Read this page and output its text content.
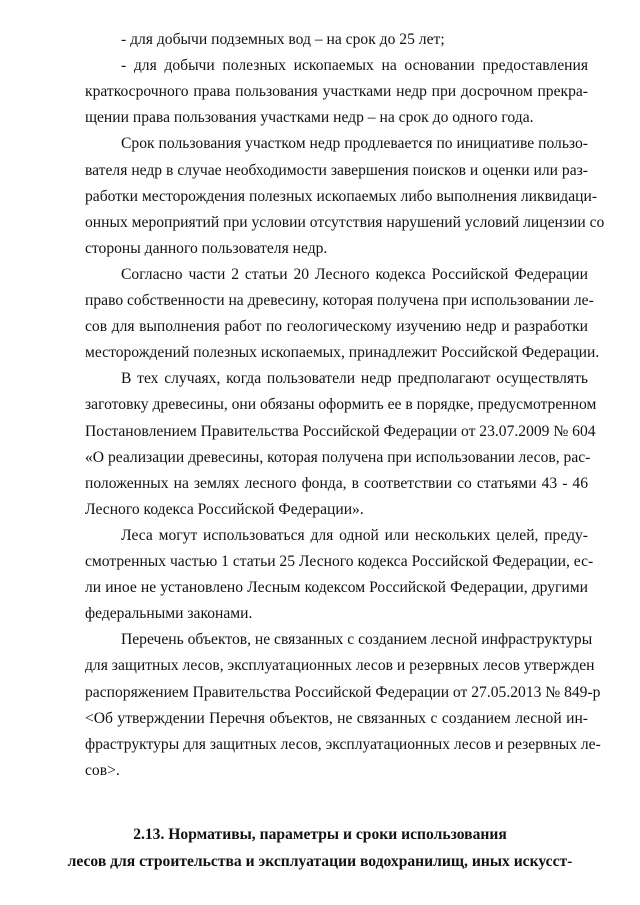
- для добычи подземных вод – на срок до 25 лет;
- для добычи полезных ископаемых на основании предоставления
краткосрочного права пользования участками недр при досрочном прекра-
щении права пользования участками недр – на срок до одного года.
Срок пользования участком недр продлевается по инициативе пользо-
вателя недр в случае необходимости завершения поисков и оценки или раз-
работки месторождения полезных ископаемых либо выполнения ликвидаци-
онных мероприятий при условии отсутствия нарушений условий лицензии со
стороны данного пользователя недр.
Согласно части 2 статьи 20 Лесного кодекса Российской Федерации
право собственности на древесину, которая получена при использовании ле-
сов для выполнения работ по геологическому изучению недр и разработки
месторождений полезных ископаемых, принадлежит Российской Федерации.
В тех случаях, когда пользователи недр предполагают осуществлять
заготовку древесины, они обязаны оформить ее в порядке, предусмотренном
Постановлением Правительства Российской Федерации от 23.07.2009 № 604
«О реализации древесины, которая получена при использовании лесов, рас-
положенных на землях лесного фонда, в соответствии со статьями 43 - 46
Лесного кодекса Российской Федерации».
Леса могут использоваться для одной или нескольких целей, преду-
смотренных частью 1 статьи 25 Лесного кодекса Российской Федерации, ес-
ли иное не установлено Лесным кодексом Российской Федерации, другими
федеральными законами.
Перечень объектов, не связанных с созданием лесной инфраструктуры
для защитных лесов, эксплуатационных лесов и резервных лесов утвержден
распоряжением Правительства Российской Федерации от 27.05.2013 № 849-р
<Об утверждении Перечня объектов, не связанных с созданием лесной ин-
фраструктуры для защитных лесов, эксплуатационных лесов и резервных ле-
сов>.
2.13. Нормативы, параметры и сроки использования
лесов для строительства и эксплуатации водохранилищ, иных искусст-
